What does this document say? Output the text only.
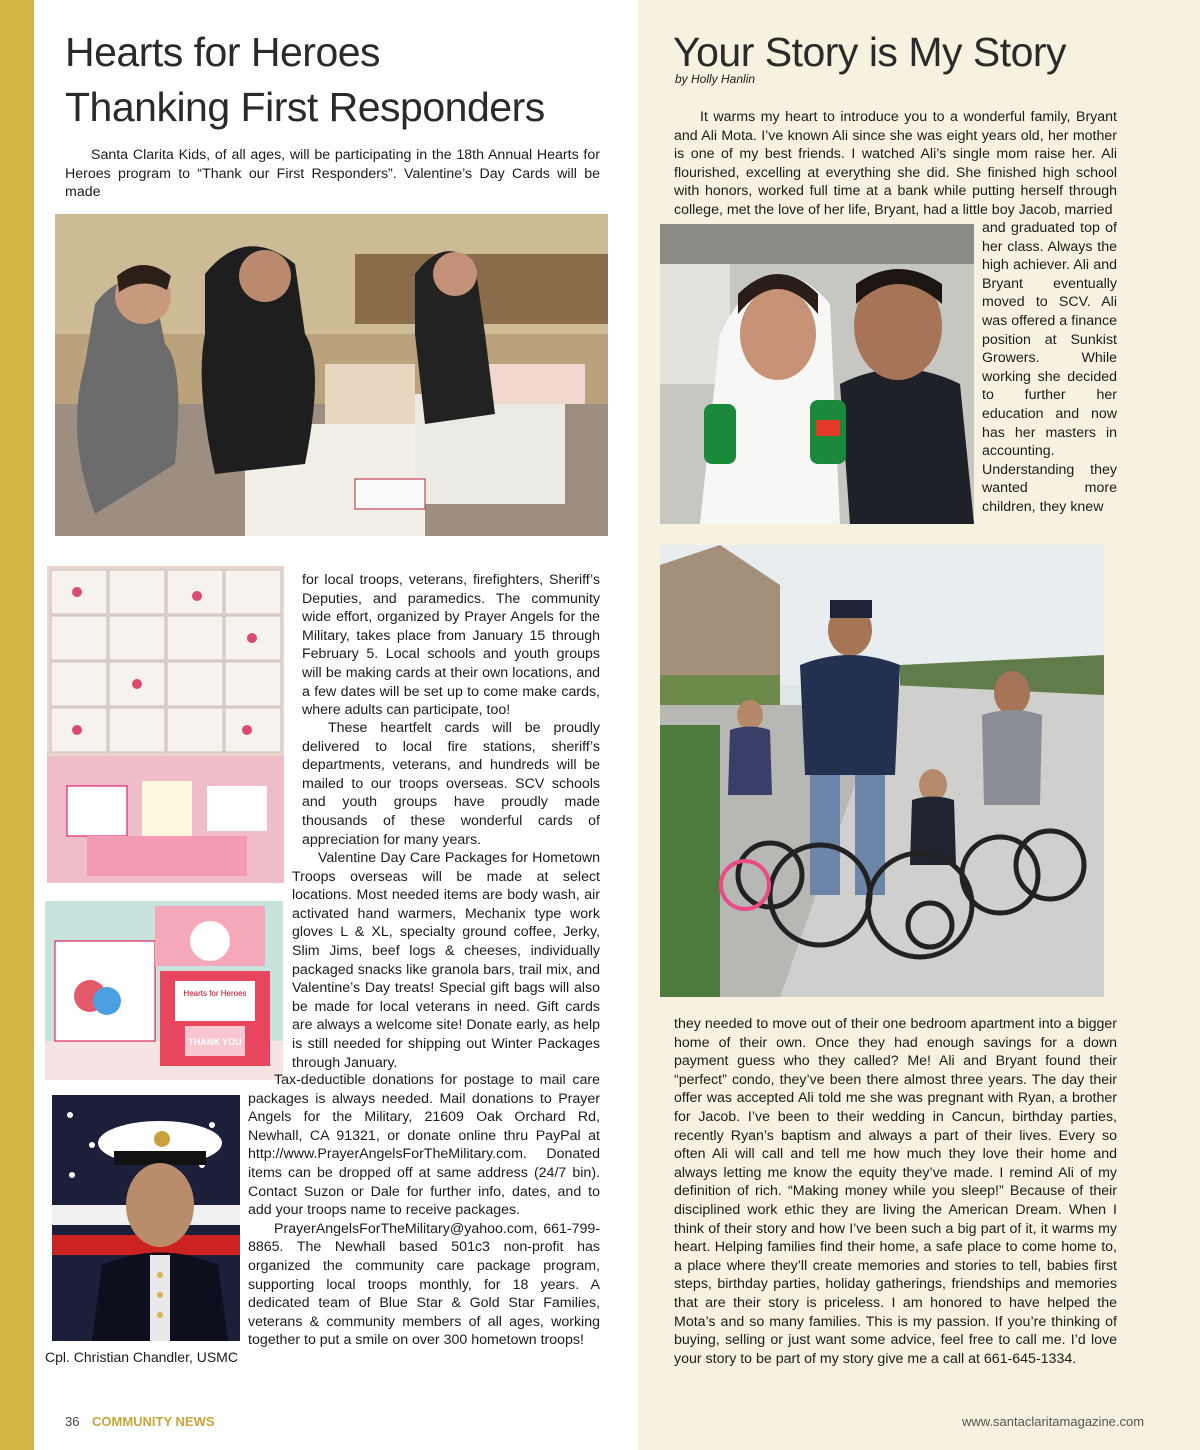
Hearts for Heroes
Thanking First Responders

Santa Clarita Kids, of all ages, will be participating in the 18th Annual Hearts for Heroes program to “Thank our First Responders”. Valentine’s Day Cards will be made

Hearts for Heroes
THANK YOU

for local troops, veterans, firefighters, Sheriff’s Deputies, and paramedics. The community wide effort, organized by Prayer Angels for the Military, takes place from January 15 through February 5. Local schools and youth groups will be making cards at their own locations, and a few dates will be set up to come make cards, where adults can participate, too!

These heartfelt cards will be proudly delivered to local fire stations, sheriff’s departments, veterans, and hundreds will be mailed to our troops overseas. SCV schools and youth groups have proudly made thousands of these wonderful cards of appreciation for many years.

Valentine Day Care Packages for Hometown Troops overseas will be made at select locations. Most needed items are body wash, air activated hand warmers, Mechanix type work gloves L & XL, specialty ground coffee, Jerky, Slim Jims, beef logs & cheeses, individually packaged snacks like granola bars, trail mix, and Valentine’s Day treats! Special gift bags will also be made for local veterans in need. Gift cards are always a welcome site! Donate early, as help is still needed for shipping out Winter Packages through January.

Tax-deductible donations for postage to mail care packages is always needed. Mail donations to Prayer Angels for the Military, 21609 Oak Orchard Rd, Newhall, CA 91321, or donate online thru PayPal at http://www.PrayerAngelsForTheMilitary.com. Donated items can be dropped off at same address (24/7 bin). Contact Suzon or Dale for further info, dates, and to add your troops name to receive packages.

PrayerAngelsForTheMilitary@yahoo.com, 661-799-8865. The Newhall based 501c3 non-profit has organized the community care package program, supporting local troops monthly, for 18 years. A dedicated team of Blue Star & Gold Star Families, veterans & community members of all ages, working together to put a smile on over 300 hometown troops!

Cpl. Christian Chandler, USMC
Your Story is My Story
by Holly Hanlin

It warms my heart to introduce you to a wonderful family, Bryant and Ali Mota. I’ve known Ali since she was eight years old, her mother is one of my best friends. I watched Ali’s single mom raise her. Ali flourished, excelling at everything she did. She finished high school with honors, worked full time at a bank while putting herself through college, met the love of her life, Bryant, had a little boy Jacob, married

and graduated top of her class. Always the high achiever. Ali and Bryant eventually moved to SCV. Ali was offered a finance position at Sunkist Growers. While working she decided to further her education and now has her masters in accounting. Understanding they wanted more children, they knew

they needed to move out of their one bedroom apartment into a bigger home of their own. Once they had enough savings for a down payment guess who they called? Me! Ali and Bryant found their “perfect” condo, they’ve been there almost three years. The day their offer was accepted Ali told me she was pregnant with Ryan, a brother for Jacob. I’ve been to their wedding in Cancun, birthday parties, recently Ryan’s baptism and always a part of their lives. Every so often Ali will call and tell me how much they love their home and always letting me know the equity they’ve made. I remind Ali of my definition of rich. “Making money while you sleep!” Because of their disciplined work ethic they are living the American Dream. When I think of their story and how I’ve been such a big part of it, it warms my heart. Helping families find their home, a safe place to come home to, a place where they’ll create memories and stories to tell, babies first steps, birthday parties, holiday gatherings, friendships and memories that are their story is priceless. I am honored to have helped the Mota’s and so many families. This is my passion. If you’re thinking of buying, selling or just want some advice, feel free to call me. I’d love your story to be part of my story give me a call at 661-645-1334.

36 COMMUNITY NEWS	www.santaclaritamagazine.com
